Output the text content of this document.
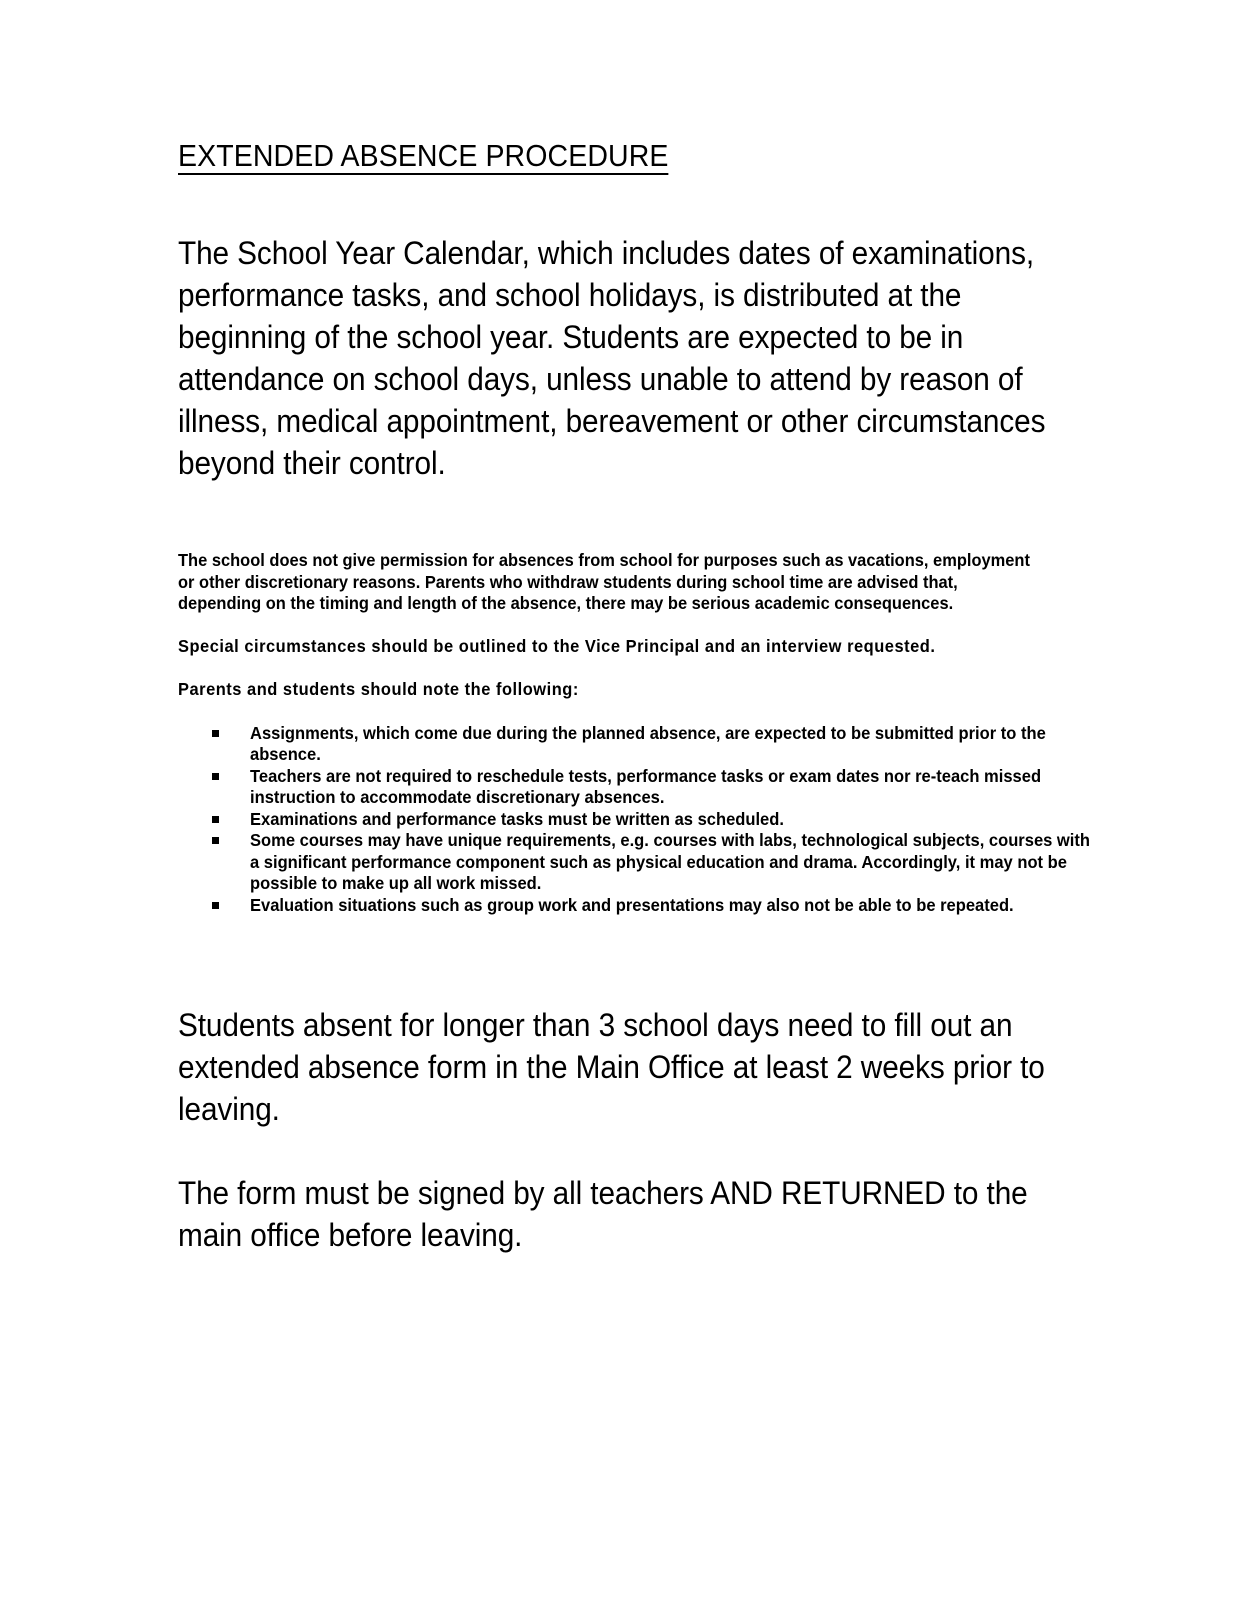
EXTENDED ABSENCE PROCEDURE

The School Year Calendar, which includes dates of examinations, performance tasks, and school holidays, is distributed at the beginning of the school year. Students are expected to be in attendance on school days, unless unable to attend by reason of illness, medical appointment, bereavement or other circumstances beyond their control.

The school does not give permission for absences from school for purposes such as vacations, employment or other discretionary reasons. Parents who withdraw students during school time are advised that, depending on the timing and length of the absence, there may be serious academic consequences.

Special circumstances should be outlined to the Vice Principal and an interview requested.

Parents and students should note the following:

Assignments, which come due during the planned absence, are expected to be submitted prior to the absence.
Teachers are not required to reschedule tests, performance tasks or exam dates nor re-teach missed instruction to accommodate discretionary absences.
Examinations and performance tasks must be written as scheduled.
Some courses may have unique requirements, e.g. courses with labs, technological subjects, courses with a significant performance component such as physical education and drama. Accordingly, it may not be possible to make up all work missed.
Evaluation situations such as group work and presentations may also not be able to be repeated.

Students absent for longer than 3 school days need to fill out an extended absence form in the Main Office at least 2 weeks prior to leaving.

The form must be signed by all teachers AND RETURNED to the main office before leaving.
